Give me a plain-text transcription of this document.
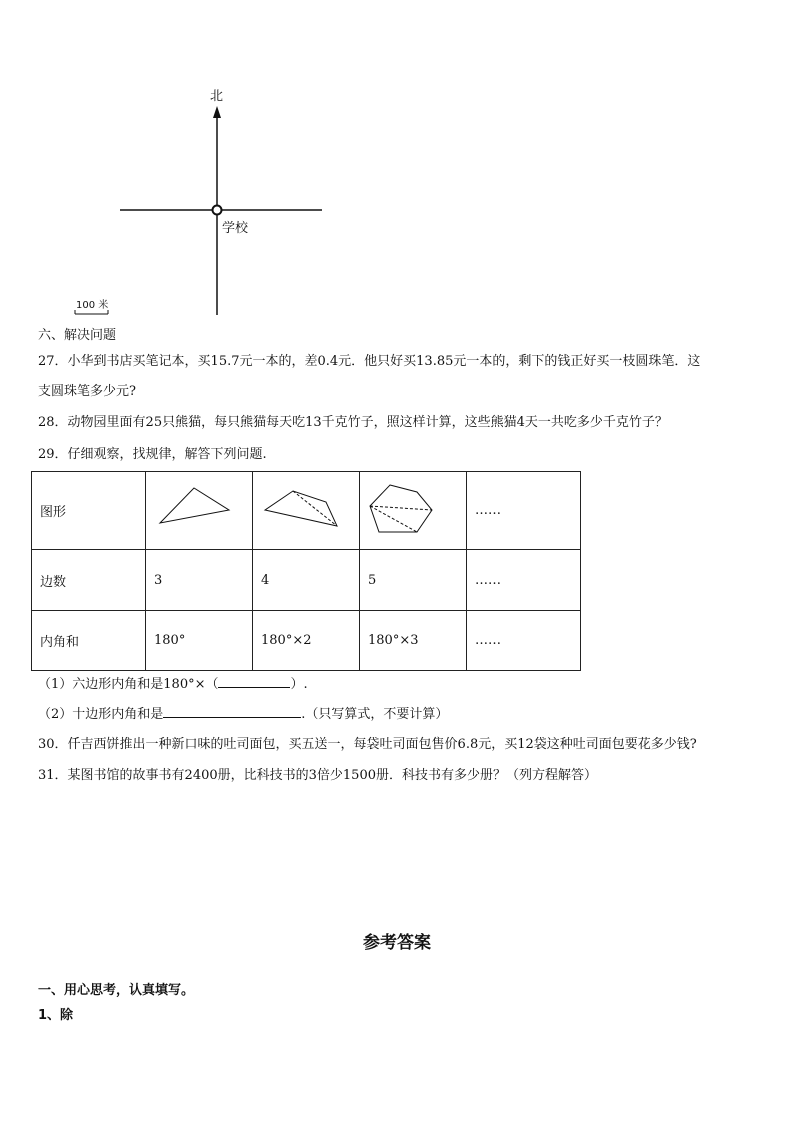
北
学校
100 米
六、解决问题
27．小华到书店买笔记本，买15.7元一本的，差0.4元．他只好买13.85元一本的，剩下的钱正好买一枝圆珠笔．这
支圆珠笔多少元?
28．动物园里面有25只熊猫，每只熊猫每天吃13千克竹子，照这样计算，这些熊猫4天一共吃多少千克竹子？
29．仔细观察，找规律，解答下列问题.
图形				……
边数	3	4	5	……
内角和	180°	180°×2	180°×3	……
（1）六边形内角和是180°×（	）.
（2）十边形内角和是	.（只写算式，不要计算）
30．仟吉西饼推出一种新口味的吐司面包，买五送一，每袋吐司面包售价6.8元，买12袋这种吐司面包要花多少钱?
31．某图书馆的故事书有2400册，比科技书的3倍少1500册．科技书有多少册？（列方程解答）
参考答案
一、用心思考，认真填写。
1、除
